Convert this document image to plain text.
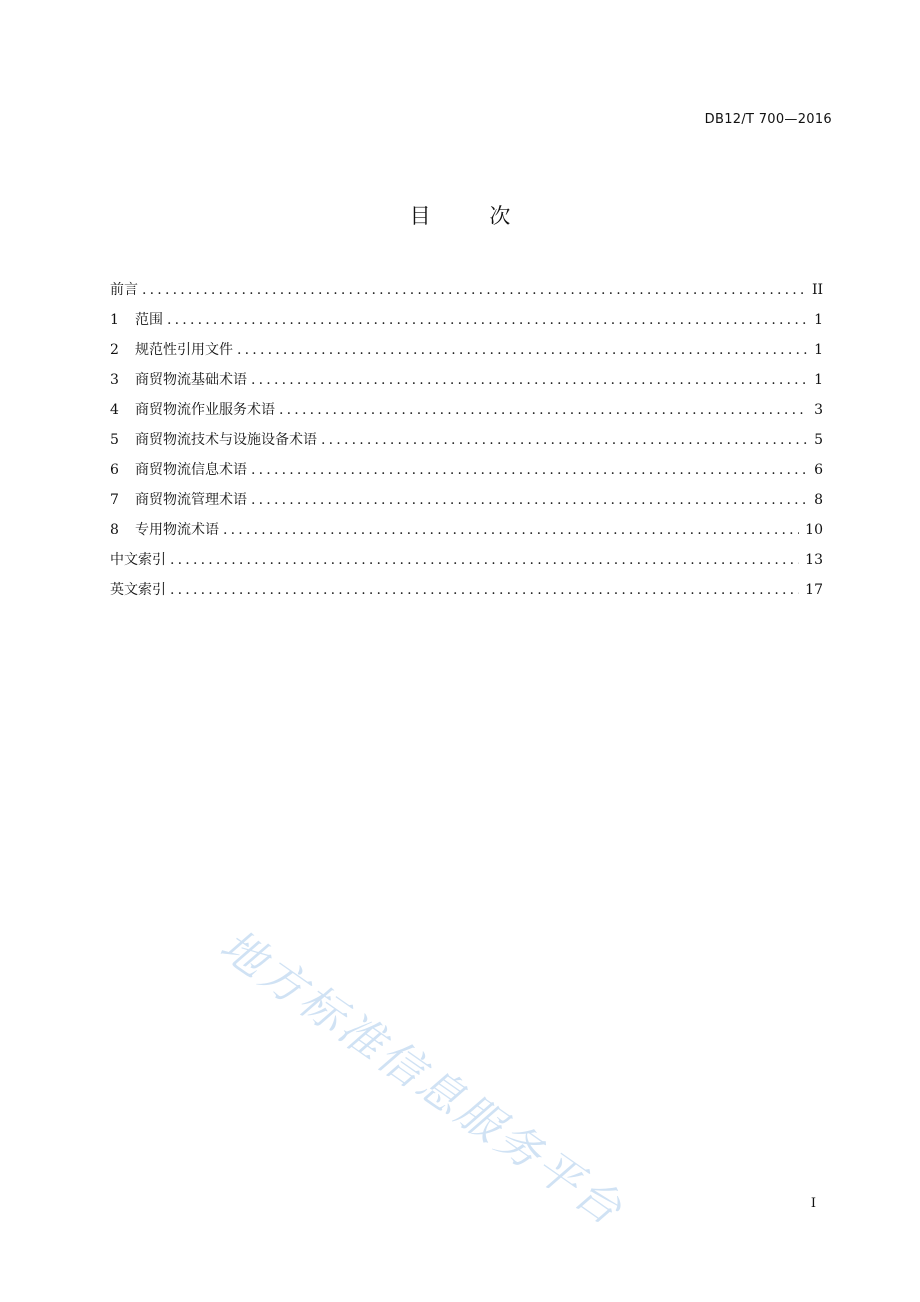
DB12/T 700—2016
目 次
前言 .....	II
1	范围 .....	1
2	规范性引用文件 .....	1
3	商贸物流基础术语 .....	1
4	商贸物流作业服务术语 .....	3
5	商贸物流技术与设施设备术语 .....	5
6	商贸物流信息术语 .....	6
7	商贸物流管理术语 .....	8
8	专用物流术语 .....	10
中文索引 .....	13
英文索引 .....	17
地方标准信息服务平台	I
